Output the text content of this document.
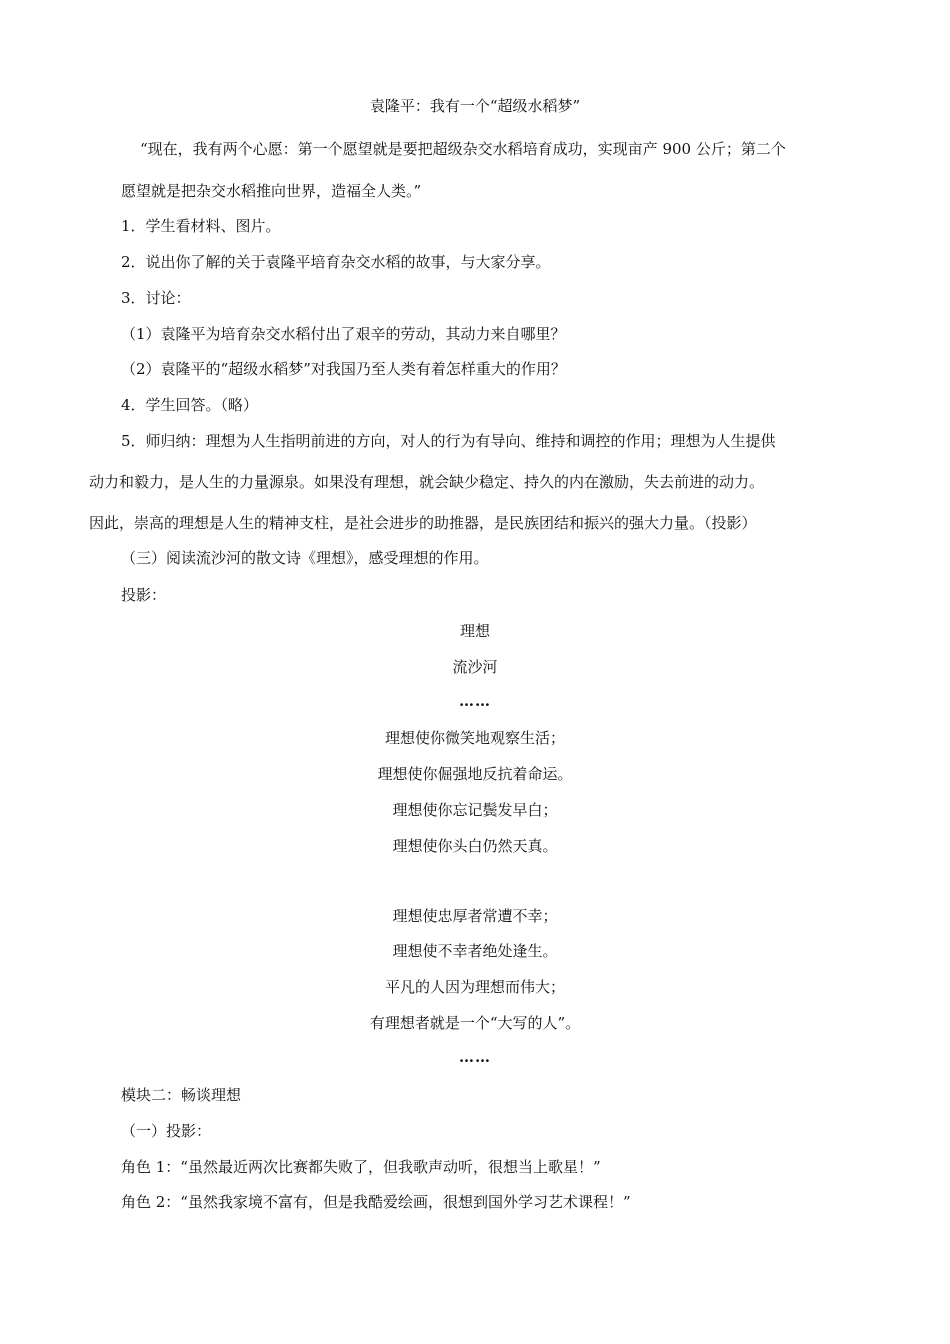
袁隆平：我有一个“超级水稻梦”
“现在，我有两个心愿：第一个愿望就是要把超级杂交水稻培育成功，实现亩产 900 公斤；第二个
愿望就是把杂交水稻推向世界，造福全人类。”
1．学生看材料、图片。
2．说出你了解的关于袁隆平培育杂交水稻的故事，与大家分享。
3．讨论：
（1）袁隆平为培育杂交水稻付出了艰辛的劳动，其动力来自哪里？
（2）袁隆平的“超级水稻梦”对我国乃至人类有着怎样重大的作用？
4．学生回答。（略）
5．师归纳：理想为人生指明前进的方向，对人的行为有导向、维持和调控的作用；理想为人生提供
动力和毅力，是人生的力量源泉。如果没有理想，就会缺少稳定、持久的内在激励，失去前进的动力。
因此，崇高的理想是人生的精神支柱，是社会进步的助推器，是民族团结和振兴的强大力量。（投影）
（三）阅读流沙河的散文诗《理想》，感受理想的作用。
投影：
理想
流沙河
……
理想使你微笑地观察生活；
理想使你倔强地反抗着命运。
理想使你忘记鬓发早白；
理想使你头白仍然天真。
理想使忠厚者常遭不幸；
理想使不幸者绝处逢生。
平凡的人因为理想而伟大；
有理想者就是一个“大写的人”。
……
模块二：畅谈理想
（一）投影：
角色 1：“虽然最近两次比赛都失败了，但我歌声动听，很想当上歌星！”
角色 2：“虽然我家境不富有，但是我酷爱绘画，很想到国外学习艺术课程！”
